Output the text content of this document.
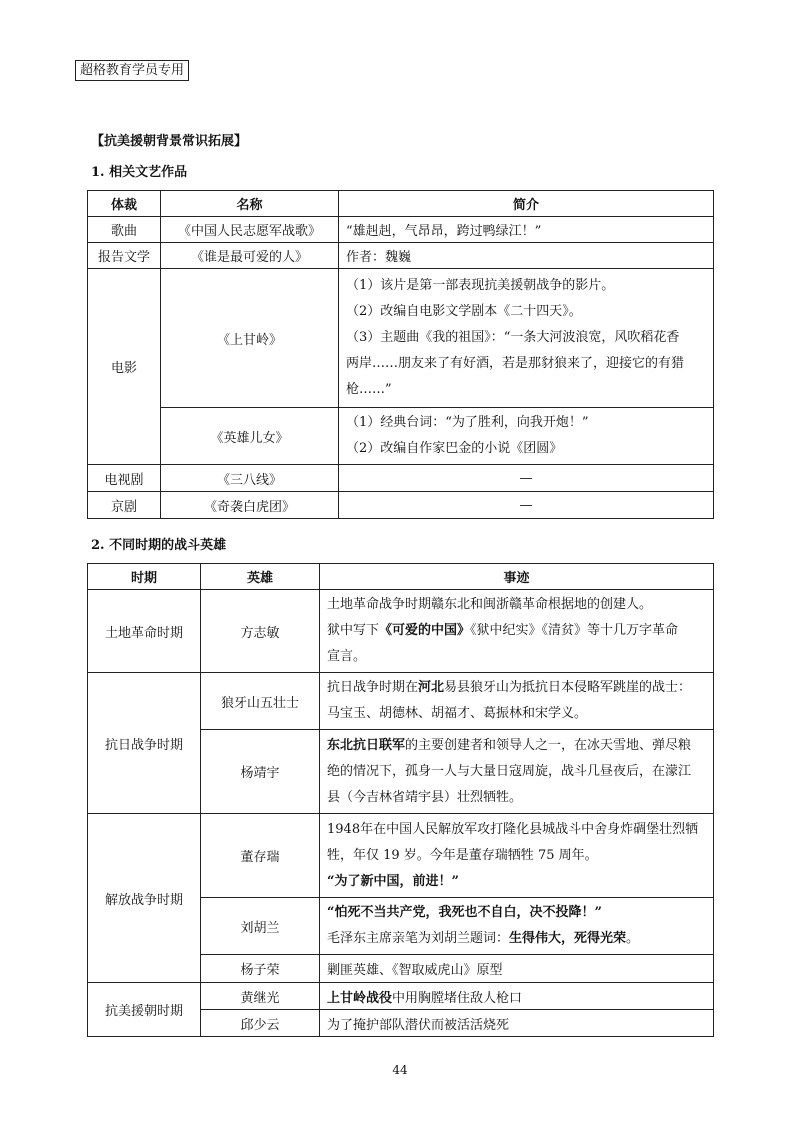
超格教育学员专用
【抗美援朝背景常识拓展】
1. 相关文艺作品
体裁	名称	简介
歌曲	《中国人民志愿军战歌》	“雄赳赳，气昂昂，跨过鸭绿江！”
报告文学	《谁是最可爱的人》	作者：魏巍
电影	《上甘岭》	（1）该片是第一部表现抗美援朝战争的影片。
（2）改编自电影文学剧本《二十四天》。
（3）主题曲《我的祖国》：“一条大河波浪宽，风吹稻花香
两岸……朋友来了有好酒，若是那豺狼来了，迎接它的有猎
枪……”

	《英雄儿女》	（1）经典台词：“为了胜利，向我开炮！”
（2）改编自作家巴金的小说《团圆》

电视剧	《三八线》	—
京剧	《奇袭白虎团》	—
2. 不同时期的战斗英雄
时期	英雄	事迹
土地革命时期	方志敏	土地革命战争时期赣东北和闽浙赣革命根据地的创建人。
狱中写下《可爱的中国》《狱中纪实》《清贫》等十几万字革命
宣言。

抗日战争时期	狼牙山五壮士	抗日战争时期在河北易县狼牙山为抵抗日本侵略军跳崖的战士：
马宝玉、胡德林、胡福才、葛振林和宋学义。

	杨靖宇	东北抗日联军的主要创建者和领导人之一，在冰天雪地、弹尽粮
绝的情况下，孤身一人与大量日寇周旋，战斗几昼夜后，在濛江
县（今吉林省靖宇县）壮烈牺牲。

解放战争时期	董存瑞	1948年在中国人民解放军攻打隆化县城战斗中舍身炸碉堡壮烈牺
牲，年仅 19 岁。今年是董存瑞牺牲 75 周年。
“为了新中国，前进！”

	刘胡兰	“怕死不当共产党，我死也不自白，决不投降！”
毛泽东主席亲笔为刘胡兰题词：生得伟大，死得光荣。

	杨子荣	剿匪英雄、《智取威虎山》原型
抗美援朝时期	黄继光	上甘岭战役中用胸膛堵住敌人枪口
	邱少云	为了掩护部队潜伏而被活活烧死
44
